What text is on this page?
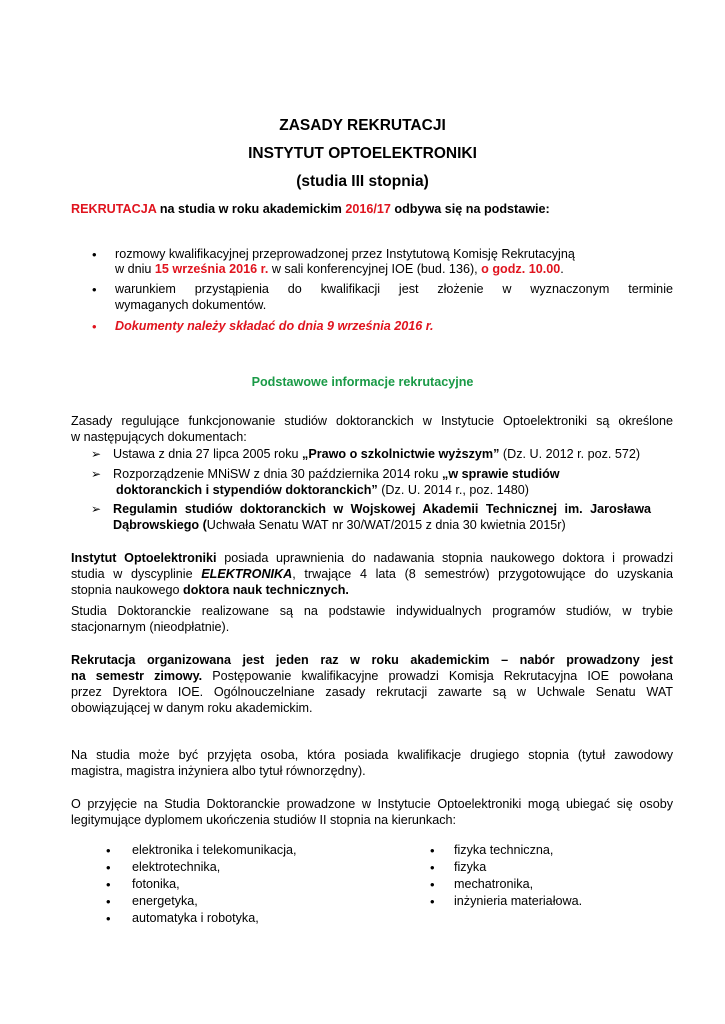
ZASADY REKRUTACJI
INSTYTUT OPTOELEKTRONIKI
(studia III stopnia)
REKRUTACJA na studia w roku akademickim 2016/17 odbywa się na podstawie:
• rozmowy kwalifikacyjnej przeprowadzonej przez Instytutową Komisję Rekrutacyjną
w dniu 15 września 2016 r. w sali konferencyjnej IOE (bud. 136), o godz. 10.00.
• warunkiem przystąpienia do kwalifikacji jest złożenie w wyznaczonym terminie
wymaganych dokumentów.
• Dokumenty należy składać do dnia 9 września 2016 r.
Podstawowe informacje rekrutacyjne
Zasady regulujące funkcjonowanie studiów doktoranckich w Instytucie Optoelektroniki są określone
w następujących dokumentach:
➢ Ustawa z dnia 27 lipca 2005 roku „Prawo o szkolnictwie wyższym” (Dz. U. 2012 r. poz. 572)
➢ Rozporządzenie MNiSW z dnia 30 października 2014 roku „w sprawie studiów
doktoranckich i stypendiów doktoranckich” (Dz. U. 2014 r., poz. 1480)
➢ Regulamin studiów doktoranckich w Wojskowej Akademii Technicznej im. Jarosława
Dąbrowskiego (Uchwała Senatu WAT nr 30/WAT/2015 z dnia 30 kwietnia 2015r)
Instytut Optoelektroniki posiada uprawnienia do nadawania stopnia naukowego doktora i prowadzi
studia w dyscyplinie ELEKTRONIKA, trwające 4 lata (8 semestrów) przygotowujące do uzyskania
stopnia naukowego doktora nauk technicznych.
Studia Doktoranckie realizowane są na podstawie indywidualnych programów studiów, w trybie
stacjonarnym (nieodpłatnie).
Rekrutacja organizowana jest jeden raz w roku akademickim – nabór prowadzony jest
na semestr zimowy. Postępowanie kwalifikacyjne prowadzi Komisja Rekrutacyjna IOE powołana
przez Dyrektora IOE. Ogólnouczelniane zasady rekrutacji zawarte są w Uchwale Senatu WAT
obowiązującej w danym roku akademickim.
Na studia może być przyjęta osoba, która posiada kwalifikacje drugiego stopnia (tytuł zawodowy
magistra, magistra inżyniera albo tytuł równorzędny).
O przyjęcie na Studia Doktoranckie prowadzone w Instytucie Optoelektroniki mogą ubiegać się osoby
legitymujące dyplomem ukończenia studiów II stopnia na kierunkach:
• elektronika i telekomunikacja,
• elektrotechnika,
• fotonika,
• energetyka,
• automatyka i robotyka,
• fizyka techniczna,
• fizyka
• mechatronika,
• inżynieria materiałowa.
